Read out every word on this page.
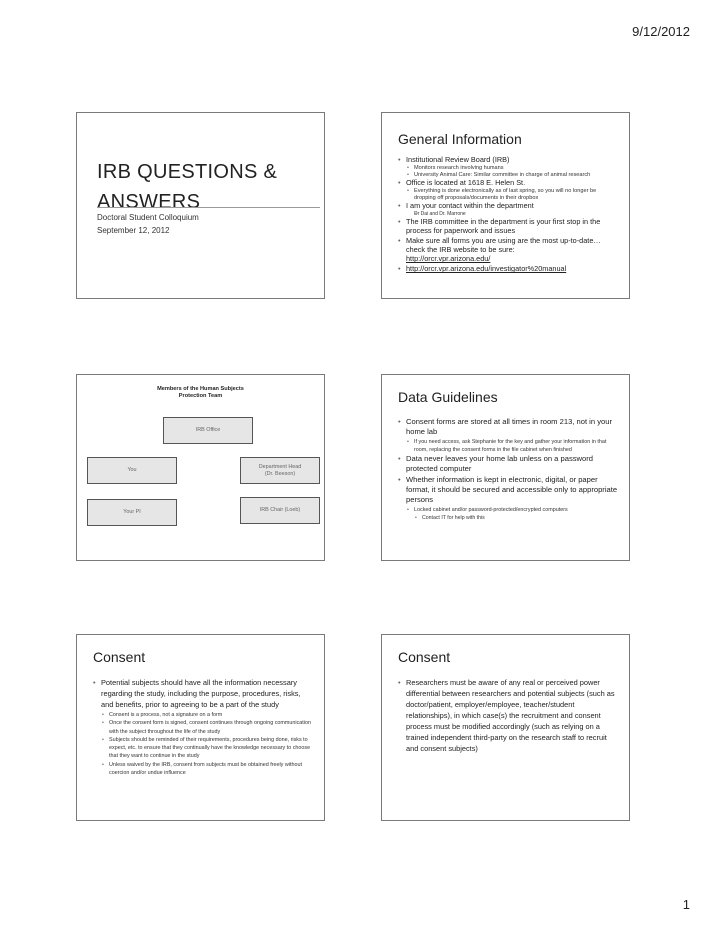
9/12/2012
IRB QUESTIONS &
ANSWERS
Doctoral Student Colloquium
September 12, 2012
General Information
• Institutional Review Board (IRB)
• Monitors research involving humans
• University Animal Care: Similar committee in charge of animal research
• Office is located at 1618 E. Helen St.
• Everything is done electronically as of last spring, so you will no longer be dropping off proposals/documents in their dropbox
• I am your contact within the department
• Dr Dai and Dr. Marrone
• The IRB committee in the department is your first stop in the process for paperwork and issues
• Make sure all forms you are using are the most up-to-date…check the IRB website to be sure:
http://orcr.vpr.arizona.edu/
• http://orcr.vpr.arizona.edu/investigator%20manual
Members of the Human Subjects
Protection Team
IRB Office
You
Department Head
(Dr. Beeson)
Your PI	IRB Chair (Loeb)
Data Guidelines
• Consent forms are stored at all times in room 213, not in your home lab
• If you need access, ask Stephanie for the key and gather your information in that room, replacing the consent forms in the file cabinet when finished
• Data never leaves your home lab unless on a password protected computer
• Whether information is kept in electronic, digital, or paper format, it should be secured and accessible only to appropriate persons
• Locked cabinet and/or password-protected/encrypted computers
• Contact IT for help with this
Consent
• Potential subjects should have all the information necessary regarding the study, including the purpose, procedures, risks, and benefits, prior to agreeing to be a part of the study
• Consent is a process, not a signature on a form
• Once the consent form is signed, consent continues through ongoing communication with the subject throughout the life of the study
• Subjects should be reminded of their requirements, procedures being done, risks to expect, etc. to ensure that they continually have the knowledge necessary to choose that they want to continue in the study
• Unless waived by the IRB, consent from subjects must be obtained freely without coercion and/or undue influence
Consent
• Researchers must be aware of any real or perceived power differential between researchers and potential subjects (such as doctor/patient, employer/employee, teacher/student relationships), in which case(s) the recruitment and consent process must be modified accordingly (such as relying on a trained independent third-party on the research staff to recruit and consent subjects)
1
